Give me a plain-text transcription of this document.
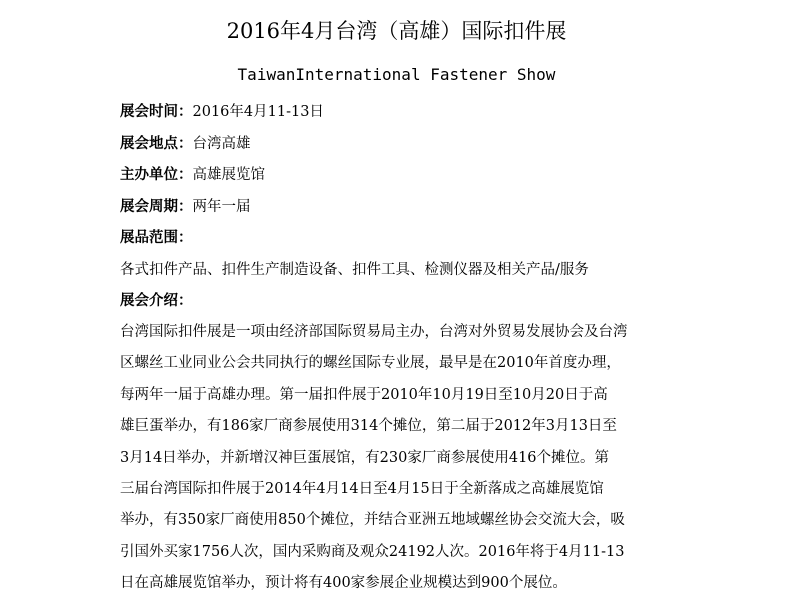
2016年4月台湾（高雄）国际扣件展
TaiwanInternational Fastener Show
展会时间：2016年4月11-13日
展会地点：台湾高雄
主办单位：高雄展览馆
展会周期：两年一届
展品范围：
各式扣件产品、扣件生产制造设备、扣件工具、检测仪器及相关产品/服务
展会介绍：
台湾国际扣件展是一项由经济部国际贸易局主办，台湾对外贸易发展协会及台湾
区螺丝工业同业公会共同执行的螺丝国际专业展，最早是在2010年首度办理，
每两年一届于高雄办理。第一届扣件展于2010年10月19日至10月20日于高
雄巨蛋举办，有186家厂商参展使用314个摊位，第二届于2012年3月13日至
3月14日举办，并新增汉神巨蛋展馆，有230家厂商参展使用416个摊位。第
三届台湾国际扣件展于2014年4月14日至4月15日于全新落成之高雄展览馆
举办，有350家厂商使用850个摊位，并结合亚洲五地域螺丝协会交流大会，吸
引国外买家1756人次，国内采购商及观众24192人次。2016年将于4月11-13
日在高雄展览馆举办，预计将有400家参展企业规模达到900个展位。
